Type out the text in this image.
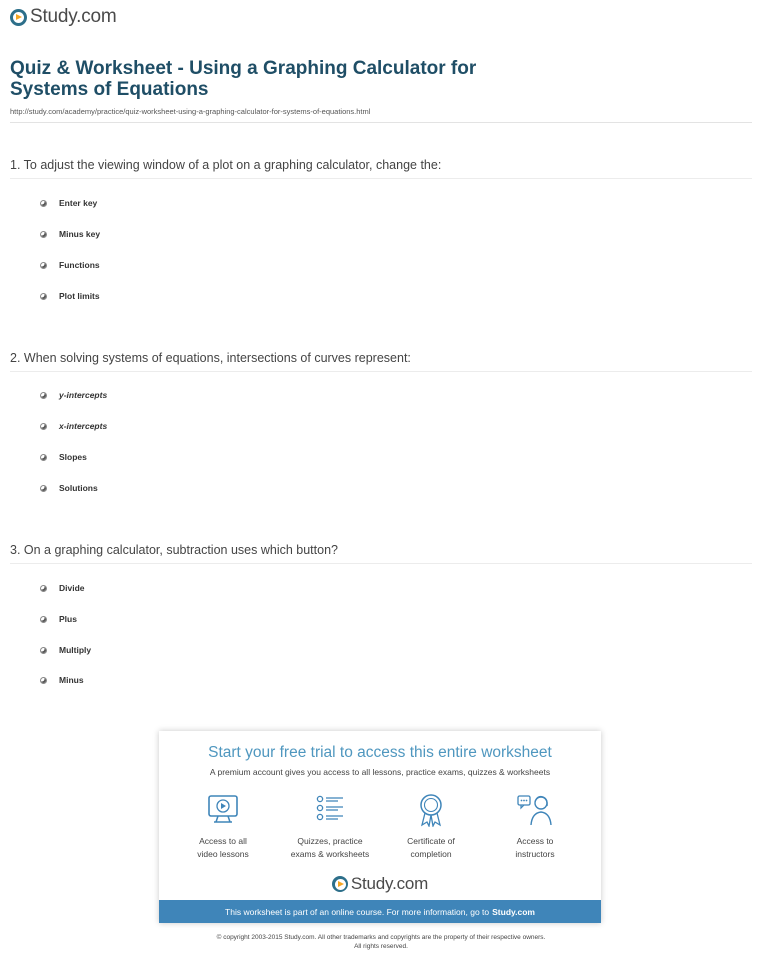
Study.com
Quiz & Worksheet - Using a Graphing Calculator for
Systems of Equations
http://study.com/academy/practice/quiz-worksheet-using-a-graphing-calculator-for-systems-of-equations.html
1. To adjust the viewing window of a plot on a graphing calculator, change the:
Enter key
Minus key
Functions
Plot limits
2. When solving systems of equations, intersections of curves represent:
y-intercepts
x-intercepts
Slopes
Solutions
3. On a graphing calculator, subtraction uses which button?
Divide
Plus
Multiply
Minus
Start your free trial to access this entire worksheet
A premium account gives you access to all lessons, practice exams, quizzes & worksheets
Access to all
video lessons
Quizzes, practice
exams & worksheets
Certificate of
completion
Access to
instructors
Study.com
This worksheet is part of an online course. For more information, go to Study.com
© copyright 2003-2015 Study.com. All other trademarks and copyrights are the property of their respective owners.
All rights reserved.
